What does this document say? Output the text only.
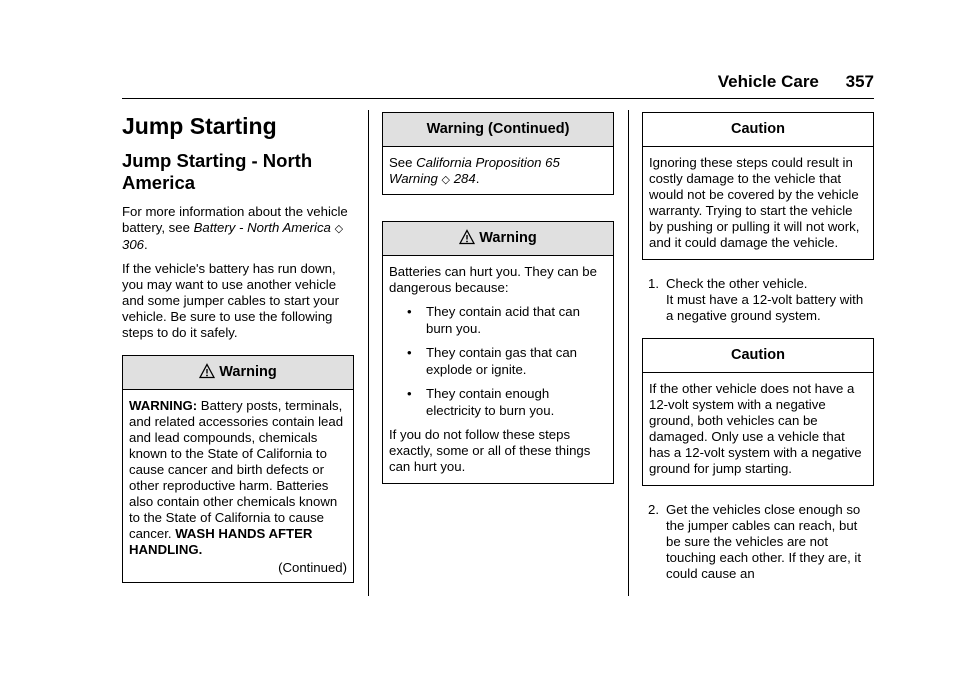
Vehicle Care 357
Jump Starting
Jump Starting - North America

For more information about the vehicle battery, see Battery - North America ◇ 306.

If the vehicle's battery has run down, you may want to use another vehicle and some jumper cables to start your vehicle. Be sure to use the following steps to do it safely.

Warning

WARNING: Battery posts, terminals, and related accessories contain lead and lead compounds, chemicals known to the State of California to cause cancer and birth defects or other reproductive harm. Batteries also contain other chemicals known to the State of California to cause cancer. WASH HANDS AFTER HANDLING.

(Continued)

Warning (Continued)

See California Proposition 65 Warning ◇ 284.

Warning

Batteries can hurt you. They can be dangerous because:

• They contain acid that can burn you.
• They contain gas that can explode or ignite.
• They contain enough electricity to burn you.

If you do not follow these steps exactly, some or all of these things can hurt you.

Caution

Ignoring these steps could result in costly damage to the vehicle that would not be covered by the vehicle warranty. Trying to start the vehicle by pushing or pulling it will not work, and it could damage the vehicle.

1. Check the other vehicle.
It must have a 12-volt battery with a negative ground system.
Caution

If the other vehicle does not have a 12-volt system with a negative ground, both vehicles can be damaged. Only use a vehicle that has a 12-volt system with a negative ground for jump starting.

2. Get the vehicles close enough so the jumper cables can reach, but be sure the vehicles are not touching each other. If they are, it could cause an
